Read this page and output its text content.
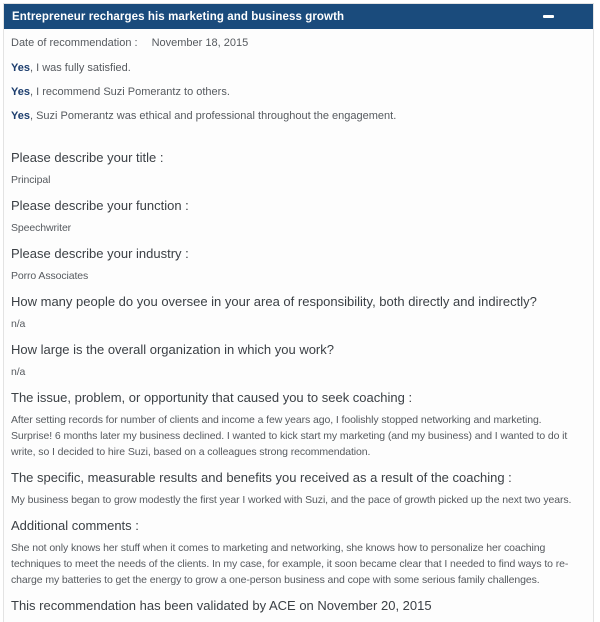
Entrepreneur recharges his marketing and business growth

Date of recommendation : November 18, 2015

Yes, I was fully satisfied.

Yes, I recommend Suzi Pomerantz to others.

Yes, Suzi Pomerantz was ethical and professional throughout the engagement.

Please describe your title :

Principal

Please describe your function :

Speechwriter

Please describe your industry :

Porro Associates

How many people do you oversee in your area of responsibility, both directly and indirectly?

n/a

How large is the overall organization in which you work?

n/a

The issue, problem, or opportunity that caused you to seek coaching :

After setting records for number of clients and income a few years ago, I foolishly stopped networking and marketing. Surprise! 6 months later my business declined. I wanted to kick start my marketing (and my business) and I wanted to do it write, so I decided to hire Suzi, based on a colleagues strong recommendation.

The specific, measurable results and benefits you received as a result of the coaching :

My business began to grow modestly the first year I worked with Suzi, and the pace of growth picked up the next two years.

Additional comments :

She not only knows her stuff when it comes to marketing and networking, she knows how to personalize her coaching techniques to meet the needs of the clients. In my case, for example, it soon became clear that I needed to find ways to re-charge my batteries to get the energy to grow a one-person business and cope with some serious family challenges.

This recommendation has been validated by ACE on November 20, 2015
